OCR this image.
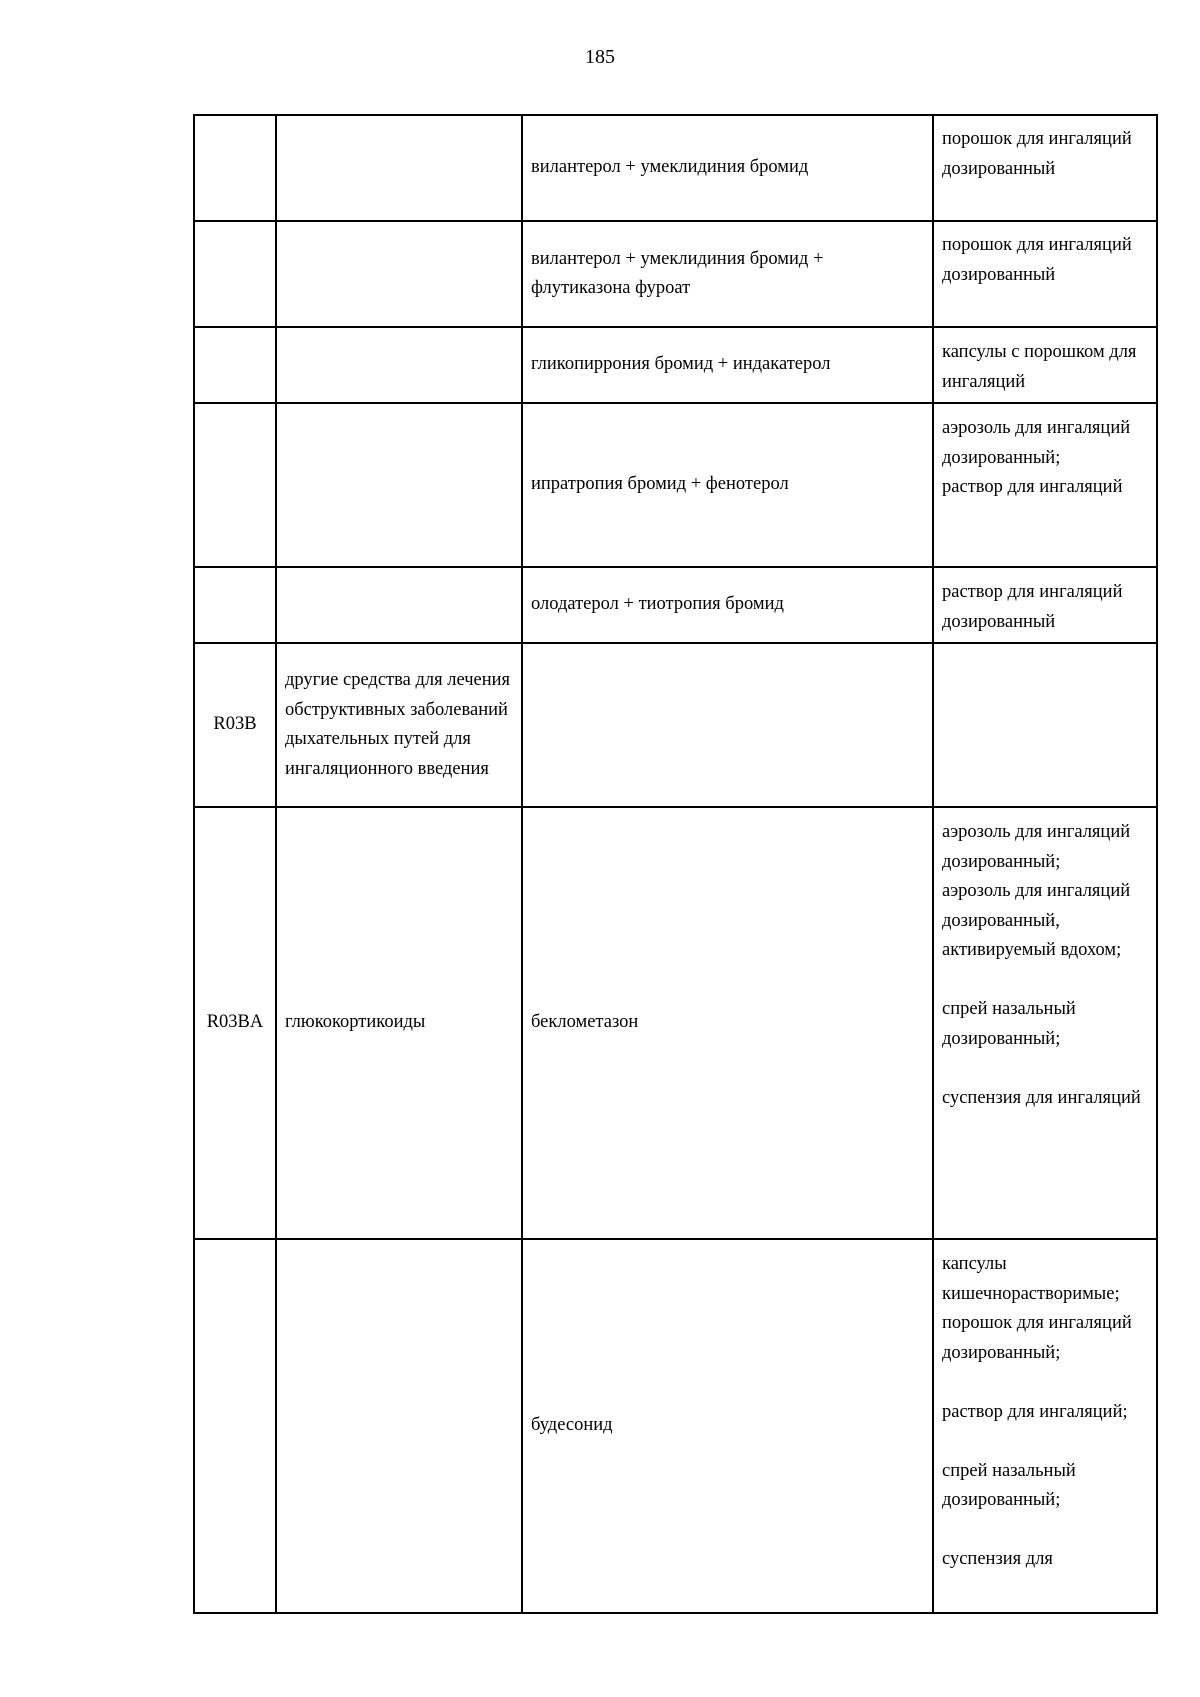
185
		вилантерол + умеклидиния бромид	порошок для ингаляций дозированный

		вилантерол + умеклидиния бромид + флутиказона фуроат	порошок для ингаляций дозированный

		гликопиррония бромид + индакатерол	капсулы с порошком для ингаляций

		ипратропия бромид + фенотерол	аэрозоль для ингаляций дозированный;
раствор для ингаляций

		олодатерол + тиотропия бромид	раствор для ингаляций дозированный

R03B	другие средства для лечения обструктивных заболеваний дыхательных путей для ингаляционного введения		
R03BA	глюкокортикоиды	беклометазон	аэрозоль для ингаляций дозированный;
аэрозоль для ингаляций дозированный, активируемый вдохом;
спрей назальный дозированный;
суспензия для ингаляций

		будесонид	капсулы кишечнорастворимые;
порошок для ингаляций дозированный;
раствор для ингаляций;
спрей назальный дозированный;
суспензия для
